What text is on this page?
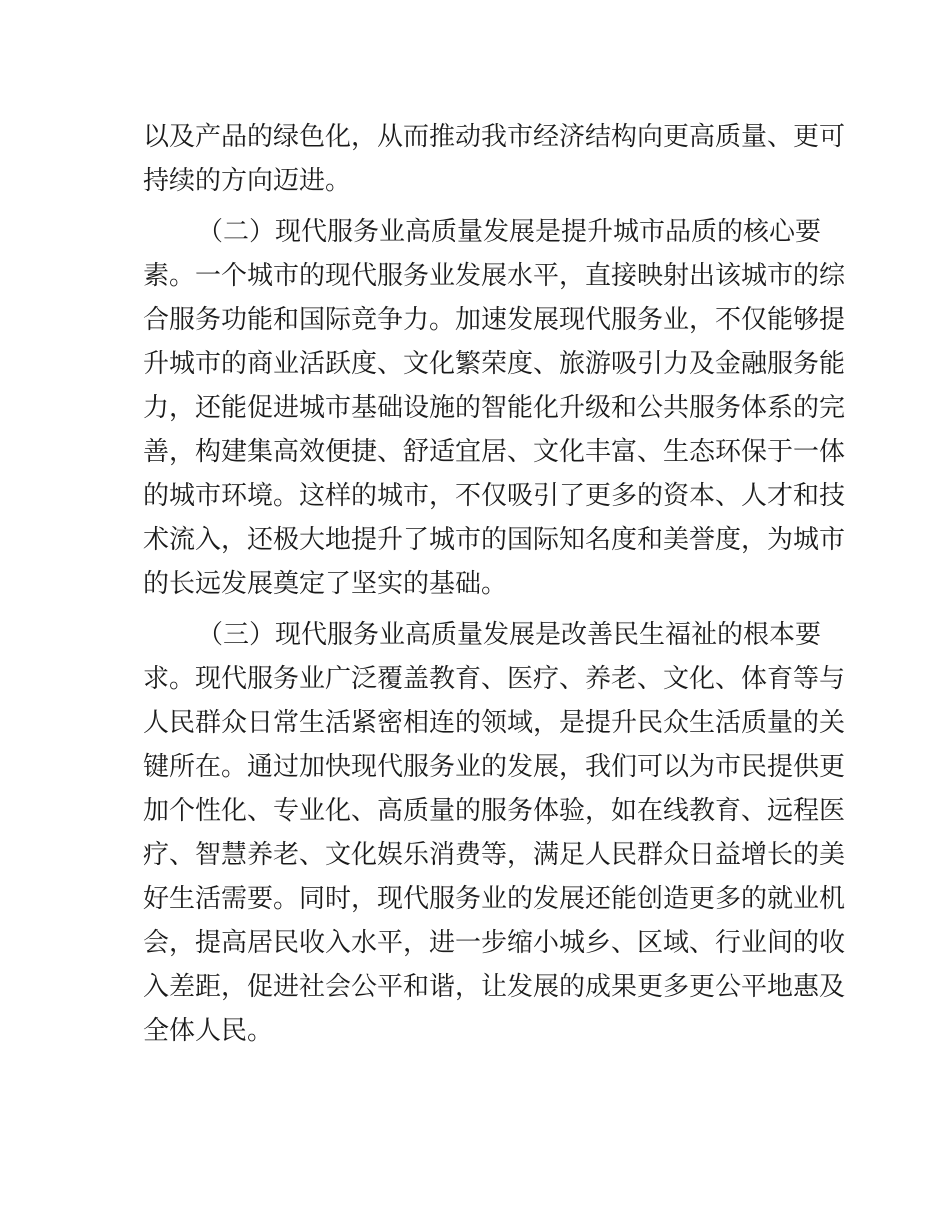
以及产品的绿色化，从而推动我市经济结构向更高质量、更可
持续的方向迈进。
（二）现代服务业高质量发展是提升城市品质的核心要
素。一个城市的现代服务业发展水平，直接映射出该城市的综
合服务功能和国际竞争力。加速发展现代服务业，不仅能够提
升城市的商业活跃度、文化繁荣度、旅游吸引力及金融服务能
力，还能促进城市基础设施的智能化升级和公共服务体系的完
善，构建集高效便捷、舒适宜居、文化丰富、生态环保于一体
的城市环境。这样的城市，不仅吸引了更多的资本、人才和技
术流入，还极大地提升了城市的国际知名度和美誉度，为城市
的长远发展奠定了坚实的基础。
（三）现代服务业高质量发展是改善民生福祉的根本要
求。现代服务业广泛覆盖教育、医疗、养老、文化、体育等与
人民群众日常生活紧密相连的领域，是提升民众生活质量的关
键所在。通过加快现代服务业的发展，我们可以为市民提供更
加个性化、专业化、高质量的服务体验，如在线教育、远程医
疗、智慧养老、文化娱乐消费等，满足人民群众日益增长的美
好生活需要。同时，现代服务业的发展还能创造更多的就业机
会，提高居民收入水平，进一步缩小城乡、区域、行业间的收
入差距，促进社会公平和谐，让发展的成果更多更公平地惠及
全体人民。
